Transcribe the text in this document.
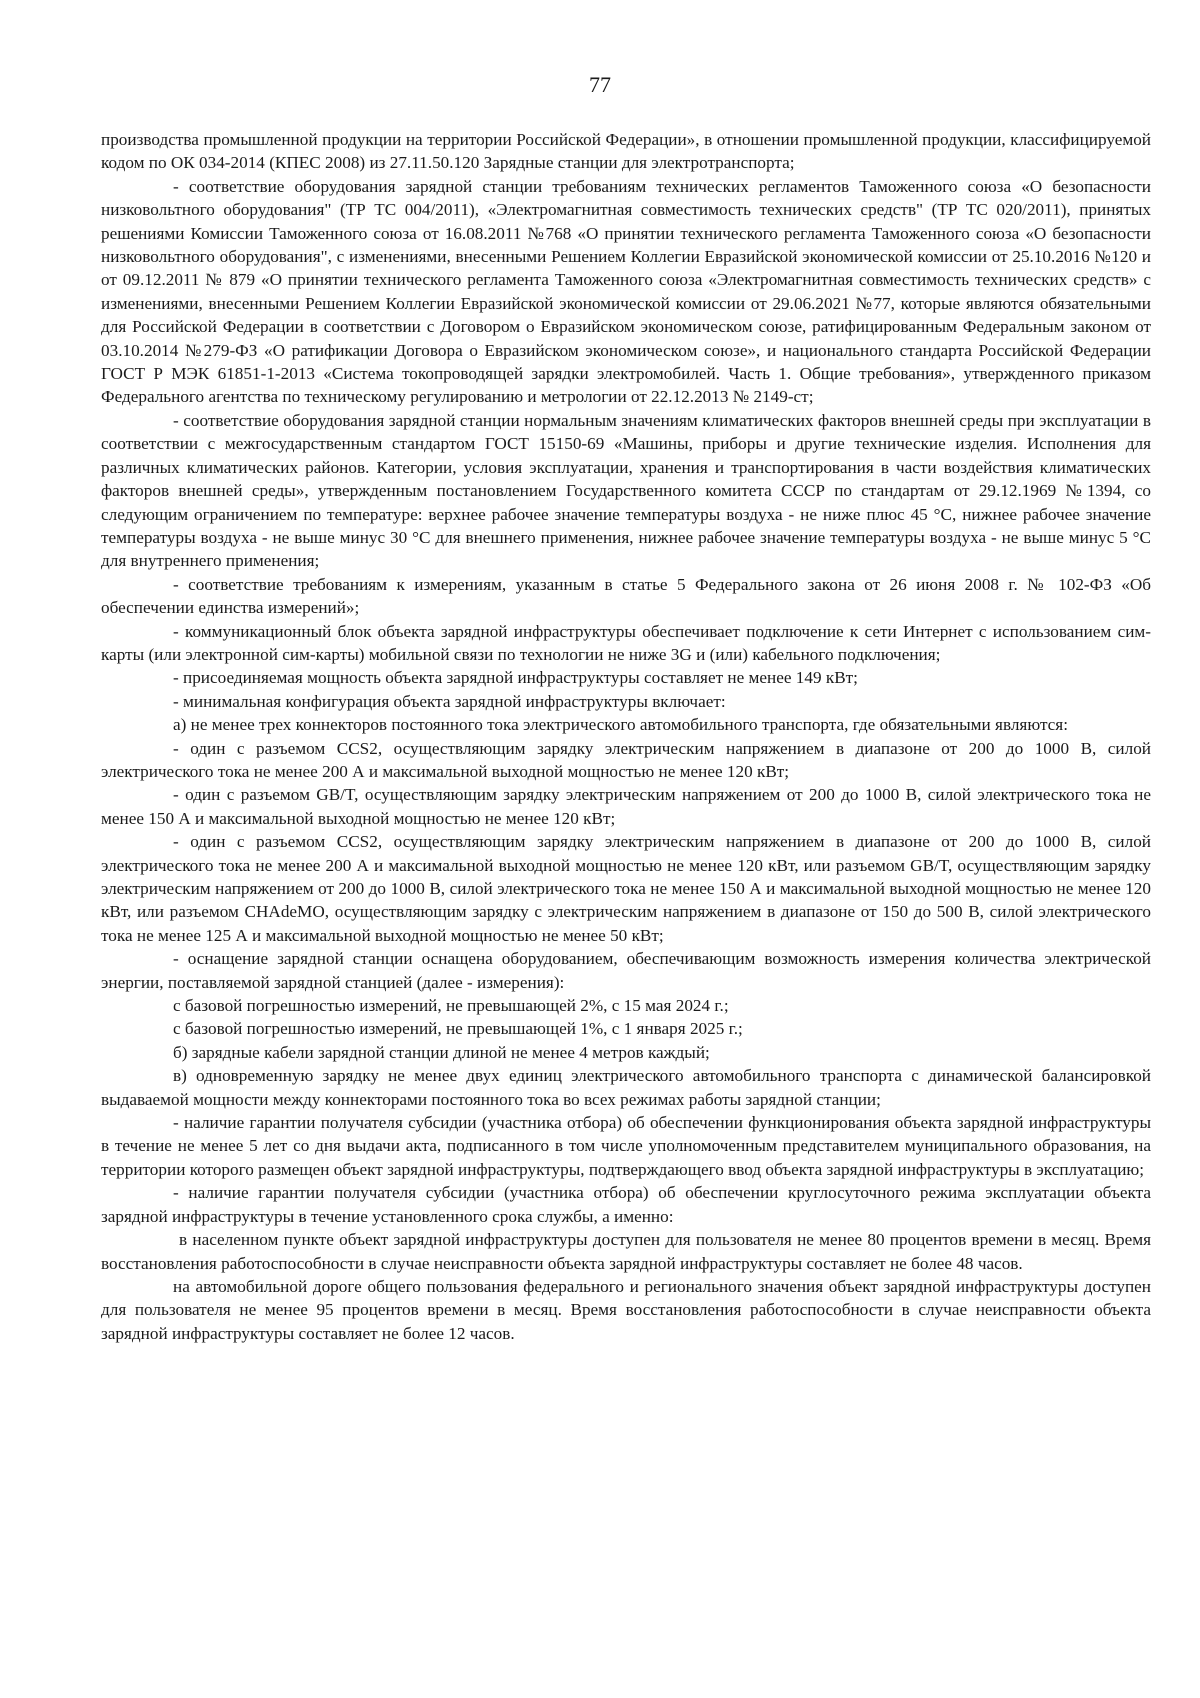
77

производства промышленной продукции на территории Российской Федерации», в отношении промышленной продукции, классифицируемой кодом по ОК 034-2014 (КПЕС 2008) из 27.11.50.120 Зарядные станции для электротранспорта;

- соответствие оборудования зарядной станции требованиям технических регламентов Таможенного союза «О безопасности низковольтного оборудования" (ТР ТС 004/2011), «Электромагнитная совместимость технических средств" (ТР ТС 020/2011), принятых решениями Комиссии Таможенного союза от 16.08.2011 №768 «О принятии технического регламента Таможенного союза «О безопасности низковольтного оборудования", с изменениями, внесенными Решением Коллегии Евразийской экономической комиссии от 25.10.2016 №120 и от 09.12.2011 № 879 «О принятии технического регламента Таможенного союза «Электромагнитная совместимость технических средств» с изменениями, внесенными Решением Коллегии Евразийской экономической комиссии от 29.06.2021 №77, которые являются обязательными для Российской Федерации в соответствии с Договором о Евразийском экономическом союзе, ратифицированным Федеральным законом от 03.10.2014 №279-ФЗ «О ратификации Договора о Евразийском экономическом союзе», и национального стандарта Российской Федерации ГОСТ Р МЭК 61851-1-2013 «Система токопроводящей зарядки электромобилей. Часть 1. Общие требования», утвержденного приказом Федерального агентства по техническому регулированию и метрологии от 22.12.2013 № 2149-ст;

- соответствие оборудования зарядной станции нормальным значениям климатических факторов внешней среды при эксплуатации в соответствии с межгосударственным стандартом ГОСТ 15150-69 «Машины, приборы и другие технические изделия. Исполнения для различных климатических районов. Категории, условия эксплуатации, хранения и транспортирования в части воздействия климатических факторов внешней среды», утвержденным постановлением Государственного комитета СССР по стандартам от 29.12.1969 №1394, со следующим ограничением по температуре: верхнее рабочее значение температуры воздуха - не ниже плюс 45 °С, нижнее рабочее значение температуры воздуха - не выше минус 30 °С для внешнего применения, нижнее рабочее значение температуры воздуха - не выше минус 5 °С для внутреннего применения;

- соответствие требованиям к измерениям, указанным в статье 5 Федерального закона от 26 июня 2008 г. № 102-ФЗ «Об обеспечении единства измерений»;

- коммуникационный блок объекта зарядной инфраструктуры обеспечивает подключение к сети Интернет с использованием сим-карты (или электронной сим-карты) мобильной связи по технологии не ниже 3G и (или) кабельного подключения;

- присоединяемая мощность объекта зарядной инфраструктуры составляет не менее 149 кВт;

- минимальная конфигурация объекта зарядной инфраструктуры включает:

а) не менее трех коннекторов постоянного тока электрического автомобильного транспорта, где обязательными являются:

- один с разъемом CCS2, осуществляющим зарядку электрическим напряжением в диапазоне от 200 до 1000 В, силой электрического тока не менее 200 А и максимальной выходной мощностью не менее 120 кВт;

- один с разъемом GB/T, осуществляющим зарядку электрическим напряжением от 200 до 1000 В, силой электрического тока не менее 150 А и максимальной выходной мощностью не менее 120 кВт;

- один с разъемом CCS2, осуществляющим зарядку электрическим напряжением в диапазоне от 200 до 1000 В, силой электрического тока не менее 200 А и максимальной выходной мощностью не менее 120 кВт, или разъемом GB/T, осуществляющим зарядку электрическим напряжением от 200 до 1000 В, силой электрического тока не менее 150 А и максимальной выходной мощностью не менее 120 кВт, или разъемом CHAdeMO, осуществляющим зарядку с электрическим напряжением в диапазоне от 150 до 500 В, силой электрического тока не менее 125 А и максимальной выходной мощностью не менее 50 кВт;

- оснащение зарядной станции оснащена оборудованием, обеспечивающим возможность измерения количества электрической энергии, поставляемой зарядной станцией (далее - измерения):

с базовой погрешностью измерений, не превышающей 2%, с 15 мая 2024 г.;

с базовой погрешностью измерений, не превышающей 1%, с 1 января 2025 г.;

б) зарядные кабели зарядной станции длиной не менее 4 метров каждый;

в) одновременную зарядку не менее двух единиц электрического автомобильного транспорта с динамической балансировкой выдаваемой мощности между коннекторами постоянного тока во всех режимах работы зарядной станции;

- наличие гарантии получателя субсидии (участника отбора) об обеспечении функционирования объекта зарядной инфраструктуры в течение не менее 5 лет со дня выдачи акта, подписанного в том числе уполномоченным представителем муниципального образования, на территории которого размещен объект зарядной инфраструктуры, подтверждающего ввод объекта зарядной инфраструктуры в эксплуатацию;

- наличие гарантии получателя субсидии (участника отбора) об обеспечении круглосуточного режима эксплуатации объекта зарядной инфраструктуры в течение установленного срока службы, а именно:

в населенном пункте объект зарядной инфраструктуры доступен для пользователя не менее 80 процентов времени в месяц. Время восстановления работоспособности в случае неисправности объекта зарядной инфраструктуры составляет не более 48 часов.

на автомобильной дороге общего пользования федерального и регионального значения объект зарядной инфраструктуры доступен для пользователя не менее 95 процентов времени в месяц. Время восстановления работоспособности в случае неисправности объекта зарядной инфраструктуры составляет не более 12 часов.
